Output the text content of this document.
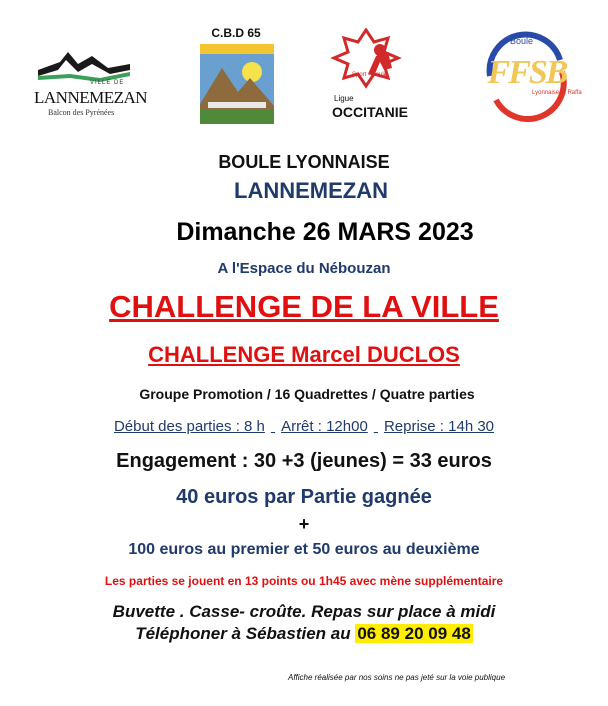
VILLE DE
LANNEMEZAN
Balcon des Pyrénées
C.B.D 65
Sport - Boule
Ligue
OCCITANIE
Boule
FFSB
Lyonnaise et Raffa
BOULE LYONNAISE
LANNEMEZAN
Dimanche 26 MARS 2023
A l'Espace du Nébouzan
CHALLENGE DE LA VILLE
CHALLENGE Marcel DUCLOS
Groupe Promotion / 16 Quadrettes / Quatre parties
Début des parties : 8 h Arrêt : 12h00 Reprise : 14h 30
Engagement : 30 +3 (jeunes) = 33 euros
40 euros par Partie gagnée
+
100 euros au premier et 50 euros au deuxième
Les parties se jouent en 13 points ou 1h45 avec mène supplémentaire
Buvette . Casse- croûte. Repas sur place à midi
Téléphoner à Sébastien au 06 89 20 09 48
Affiche réalisée par nos soins ne pas jeté sur la voie publique
